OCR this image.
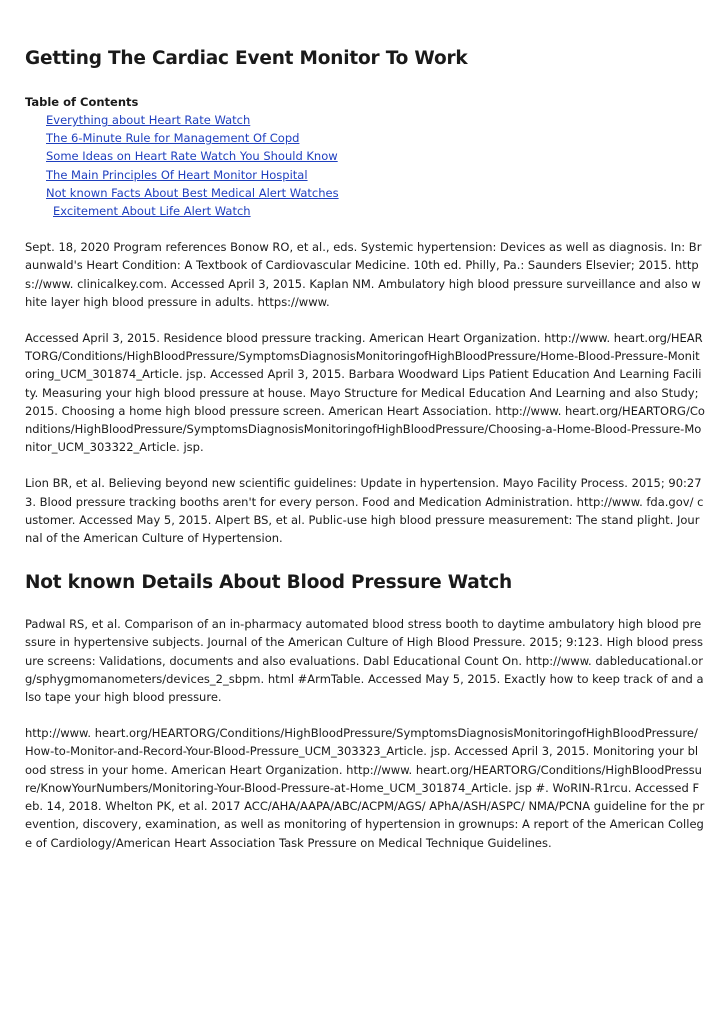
Getting The Cardiac Event Monitor To Work
Table of Contents
Everything about Heart Rate Watch
The 6-Minute Rule for Management Of Copd
Some Ideas on Heart Rate Watch You Should Know
The Main Principles Of Heart Monitor Hospital
Not known Facts About Best Medical Alert Watches
Excitement About Life Alert Watch

Sept. 18, 2020 Program references Bonow RO, et al., eds. Systemic hypertension: Devices as well as diagnosis. In: Braunwald's Heart Condition: A Textbook of Cardiovascular Medicine. 10th ed. Philly, Pa.: Saunders Elsevier; 2015. https://www. clinicalkey.com. Accessed April 3, 2015. Kaplan NM. Ambulatory high blood pressure surveillance and also white layer high blood pressure in adults. https://www.

Accessed April 3, 2015. Residence blood pressure tracking. American Heart Organization. http://www. heart.org/HEARTORG/Conditions/HighBloodPressure/SymptomsDiagnosisMonitoringofHighBloodPressure/Home-Blood-Pressure-Monitoring_UCM_301874_Article. jsp. Accessed April 3, 2015. Barbara Woodward Lips Patient Education And Learning Facility. Measuring your high blood pressure at house. Mayo Structure for Medical Education And Learning and also Study; 2015. Choosing a home high blood pressure screen. American Heart Association. http://www. heart.org/HEARTORG/Conditions/HighBloodPressure/SymptomsDiagnosisMonitoringofHighBloodPressure/Choosing-a-Home-Blood-Pressure-Monitor_UCM_303322_Article. jsp.

Lion BR, et al. Believing beyond new scientific guidelines: Update in hypertension. Mayo Facility Process. 2015; 90:273. Blood pressure tracking booths aren't for every person. Food and Medication Administration. http://www. fda.gov/ customer. Accessed May 5, 2015. Alpert BS, et al. Public-use high blood pressure measurement: The stand plight. Journal of the American Culture of Hypertension.

Not known Details About Blood Pressure Watch

Padwal RS, et al. Comparison of an in-pharmacy automated blood stress booth to daytime ambulatory high blood pressure in hypertensive subjects. Journal of the American Culture of High Blood Pressure. 2015; 9:123. High blood pressure screens: Validations, documents and also evaluations. Dabl Educational Count On. http://www. dableducational.org/sphygmomanometers/devices_2_sbpm. html #ArmTable. Accessed May 5, 2015. Exactly how to keep track of and also tape your high blood pressure.

http://www. heart.org/HEARTORG/Conditions/HighBloodPressure/SymptomsDiagnosisMonitoringofHighBloodPressure/How-to-Monitor-and-Record-Your-Blood-Pressure_UCM_303323_Article. jsp. Accessed April 3, 2015. Monitoring your blood stress in your home. American Heart Organization. http://www. heart.org/HEARTORG/Conditions/HighBloodPressure/KnowYourNumbers/Monitoring-Your-Blood-Pressure-at-Home_UCM_301874_Article. jsp #. WoRIN-R1rcu. Accessed Feb. 14, 2018. Whelton PK, et al. 2017 ACC/AHA/AAPA/ABC/ACPM/AGS/ APhA/ASH/ASPC/ NMA/PCNA guideline for the prevention, discovery, examination, as well as monitoring of hypertension in grownups: A report of the American College of Cardiology/American Heart Association Task Pressure on Medical Technique Guidelines.
